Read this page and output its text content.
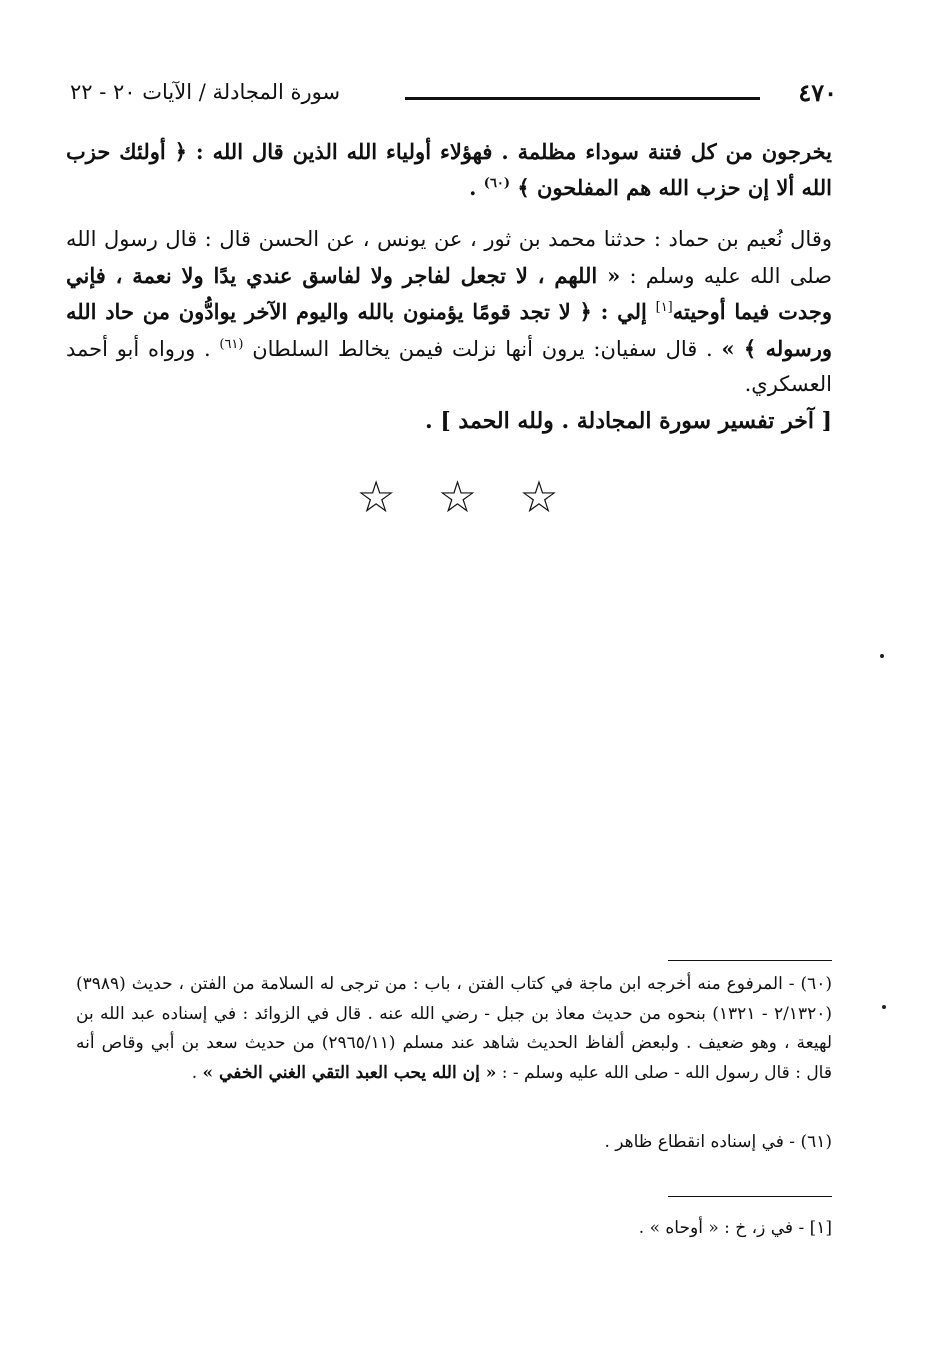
٤٧٠
سورة المجادلة / الآيات ٢٠ - ٢٢
يخرجون من كل فتنة سوداء مظلمة . فهؤلاء أولياء الله الذين قال الله : ﴿ أولئك حزب الله ألا إن حزب الله هم المفلحون ﴾ $^{(٦٠)}$ .
وقال نُعيم بن حماد : حدثنا محمد بن ثور ، عن يونس ، عن الحسن قال : قال رسول الله صلى الله عليه وسلم : « اللهم ، لا تجعل لفاجر ولا لفاسق عندي يدًا ولا نعمة ، فإني وجدت فيما أوحيته[١] إلي : ﴿ لا تجد قومًا يؤمنون بالله واليوم الآخر يوادُّون من حاد الله ورسوله ﴾ » . قال سفيان: يرون أنها نزلت فيمن يخالط السلطان $^{(٦١)}$ . ورواه أبو أحمد العسكري.
[ آخر تفسير سورة المجادلة . ولله الحمد ] .
☆ ☆ ☆
(٦٠) - المرفوع منه أخرجه ابن ماجة في كتاب الفتن ، باب : من ترجى له السلامة من الفتن ، حديث (٣٩٨٩) (٢/١٣٢٠ - ١٣٢١) بنحوه من حديث معاذ بن جبل - رضي الله عنه . قال في الزوائد : في إسناده عبد الله بن لهيعة ، وهو ضعيف . ولبعض ألفاظ الحديث شاهد عند مسلم (٢٩٦٥/١١) من حديث سعد بن أبي وقاص أنه قال : قال رسول الله - صلى الله عليه وسلم - : « إن الله يحب العبد التقي الغني الخفي » .
(٦١) - في إسناده انقطاع ظاهر .
[١] - في ز، خ : « أوحاه » .
